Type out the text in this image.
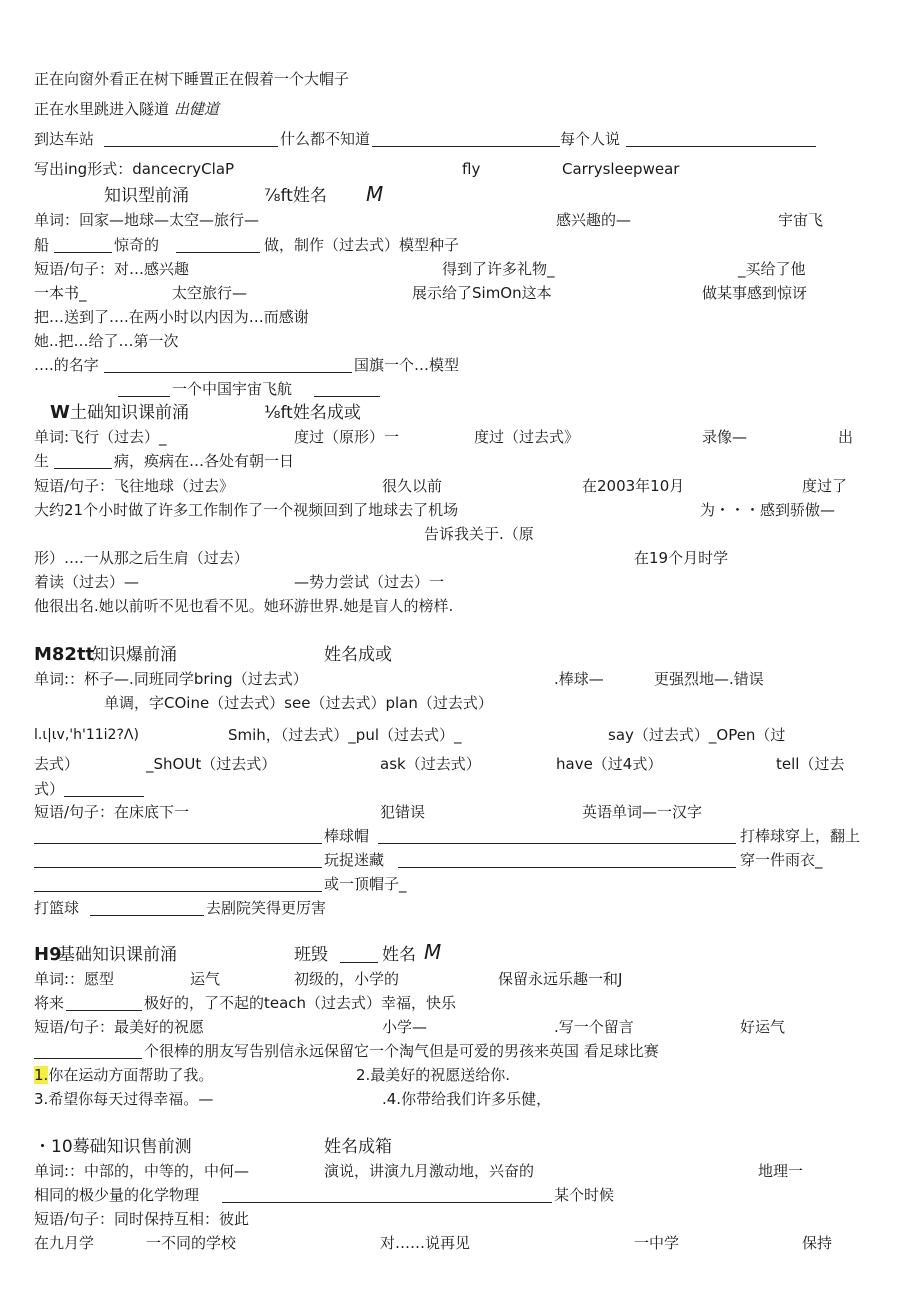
正在向窗外看正在树下睡置正在假着一个大帽子
正在水里跳进入隧道 出健道
到达车站	什么都不知道	每个人说
写出ing形式：dancecryClaP	fly	Carrysleepwear
知识型前涌	⅞ft姓名 M
单词：回家—地球—太空—旅行—	感兴趣的—	宇宙飞
船	惊奇的	做，制作（过去式）模型种子
短语/句子：对…感兴趣	得到了许多礼物_	_买给了他
一本书_	太空旅行—	展示给了SimOn这本	做某事感到惊讶
把…送到了….在两小时以内因为…而感谢
她..把…给了…第一次
….的名字	国旗一个…模型
一个中国宇宙飞航
W 土础知识课前涌	⅛ft姓名成或
单词:飞行（过去）_	度过（原形）一	度过（过去式》	录像—	出
生	病，痪病在…各处有朝一日
短语/句子：飞往地球（过去》	很久以前	在2003年10月	度过了
大约21个小时做了许多工作制作了一个视频回到了地球去了机场	为・・・感到骄傲—
告诉我关于.（原
形）….一从那之后生肩（过去）	在19个月时学
着读（过去）—	—势力尝试（过去）一
他很出名.她以前听不见也看不见。她环游世界.她是盲人的榜样.
M82tt
知识爆前涌	姓名成或
单词:：杯子—.同班同学bring（过去式）	.棒球—	更强烈地—.错误
单调，字COine（过去式）see（过去式）plan（过去式）
l.ι|ιv,'h'11i2?Λ)	Smih，（过去式）_pul（过去式）_	say（过去式）_OPen（过
去式）	_ShOUt（过去式）	ask（过去式）	have（过4式）	tell（过去
式）
短语/句子：在床底下一	犯错误	英语单词—一汉字
棒球帽	打棒球穿上，翻上
玩捉迷藏	穿一件雨衣_
或一顶帽子_
打篮球	去剧院笑得更厉害
H9
基础知识课前涌	班毁	姓名 M
单词:：愿型	运气	初级的，小学的	保留永远乐趣一和J
将来	极好的，了不起的teach（过去式）幸福，快乐
短语/句子：最美好的祝愿	小学—	.写一个留言	好运气
个很棒的朋友写告别信永远保留它一个淘气但是可爱的男孩来英国 看足球比赛
1.你在运动方面帮助了我。	2.最美好的祝愿送给你.
3.希望你每天过得幸福。—	.4.你带给我们许多乐健，
・10蓦础知识售前测	姓名成箱
单词:：中部的，中等的，中何—	演说，讲演九月激动地，兴奋的	地理一
相同的极少量的化学物理	某个时候
短语/句子：同时保持互相：彼此
在九月学	一不同的学校	对……说再见	一中学	保持
